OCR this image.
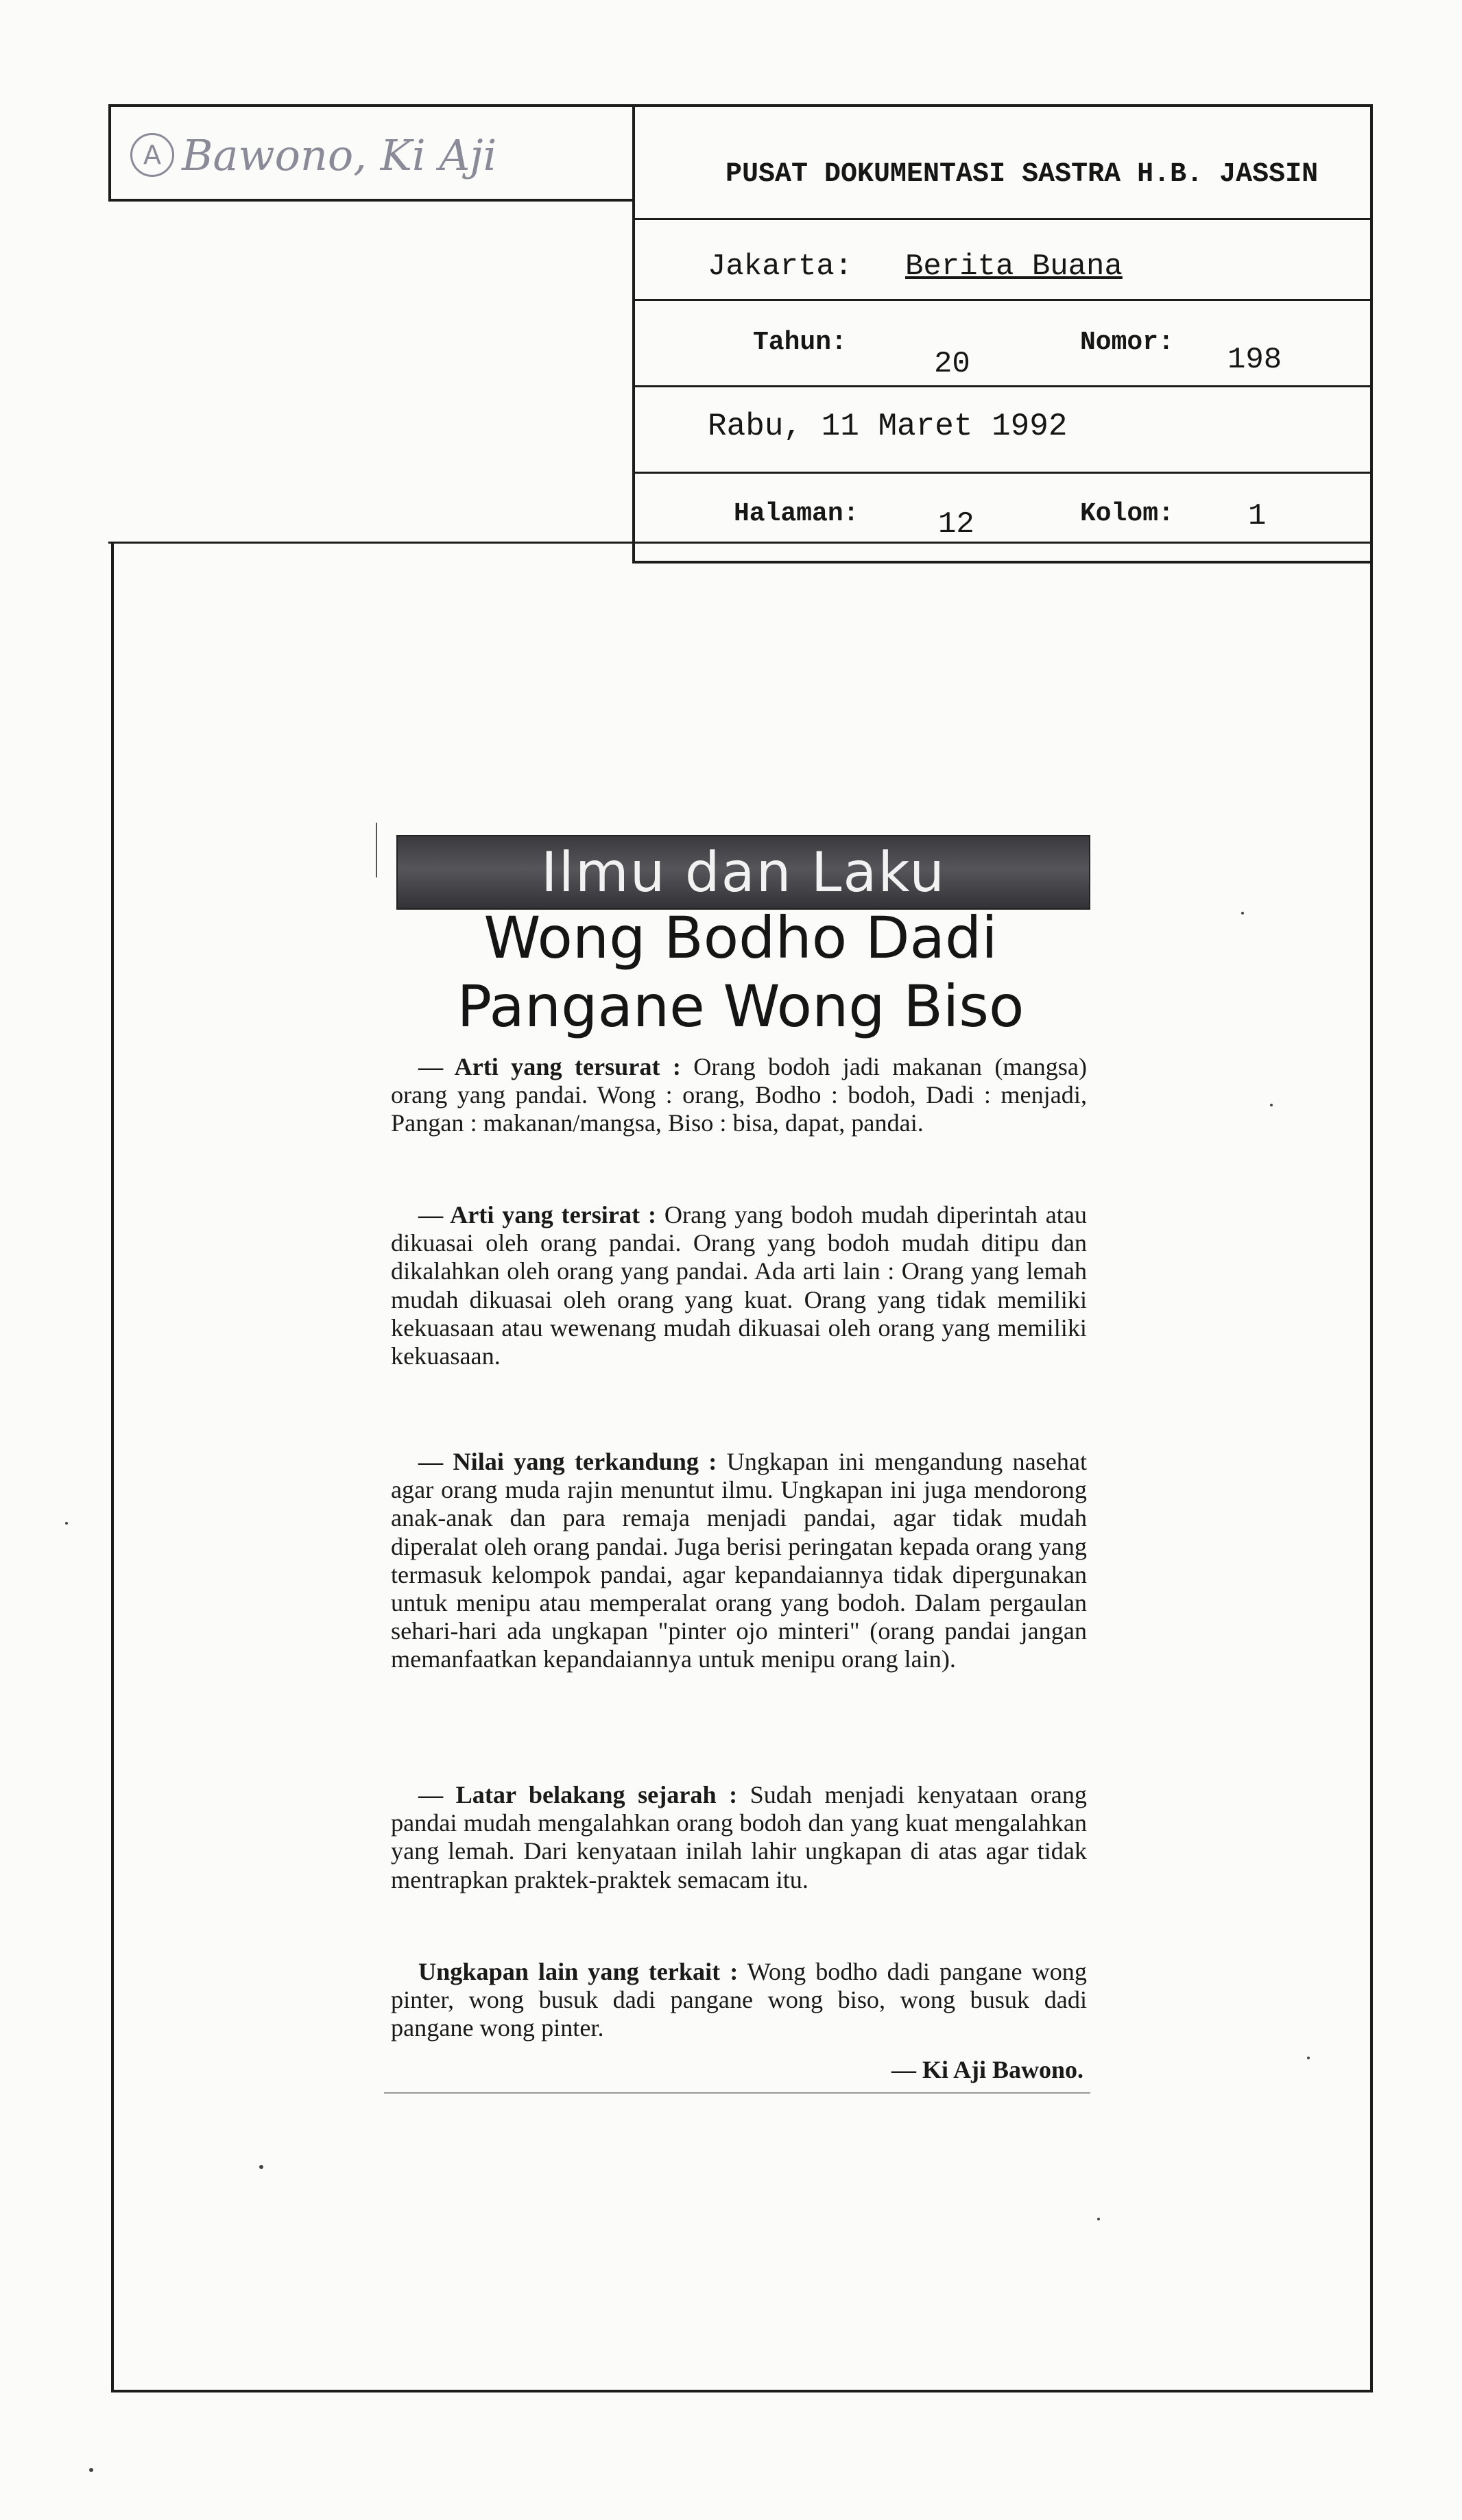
A Bawono, Ki Aji	PUSAT DOKUMENTASI SASTRA H.B. JASSIN
Jakarta: Berita Buana
Tahun:
20
Nomor:
198
Rabu, 11 Maret 1992
Halaman:	12	Kolom: 1
Ilmu dan Laku
Wong Bodho Dadi
Pangane Wong Biso
— Arti yang tersurat : Orang bodoh jadi makanan (mangsa) orang yang pandai. Wong : orang, Bodho : bodoh, Dadi : menjadi, Pangan : makanan/mangsa, Biso : bisa, dapat, pandai.
— Arti yang tersirat : Orang yang bodoh mudah diperintah atau dikuasai oleh orang pandai. Orang yang bodoh mudah ditipu dan dikalahkan oleh orang yang pandai. Ada arti lain : Orang yang lemah mudah dikuasai oleh orang yang kuat. Orang yang tidak memiliki kekuasaan atau wewenang mudah dikuasai oleh orang yang memiliki kekuasaan.
— Nilai yang terkandung : Ungkapan ini mengandung nasehat agar orang muda rajin menuntut ilmu. Ungkapan ini juga mendorong anak-anak dan para remaja menjadi pandai, agar tidak mudah diperalat oleh orang pandai. Juga berisi peringatan kepada orang yang termasuk kelompok pandai, agar kepandaiannya tidak dipergunakan untuk menipu atau memperalat orang yang bodoh. Dalam pergaulan sehari-hari ada ungkapan "pinter ojo minteri" (orang pandai jangan memanfaatkan kepandaiannya untuk menipu orang lain).
— Latar belakang sejarah : Sudah menjadi kenyataan orang pandai mudah mengalahkan orang bodoh dan yang kuat mengalahkan yang lemah. Dari kenyataan inilah lahir ungkapan di atas agar tidak mentrapkan praktek-praktek semacam itu.
Ungkapan lain yang terkait : Wong bodho dadi pangane wong pinter, wong busuk dadi pangane wong biso, wong busuk dadi pangane wong pinter.
— Ki Aji Bawono.
